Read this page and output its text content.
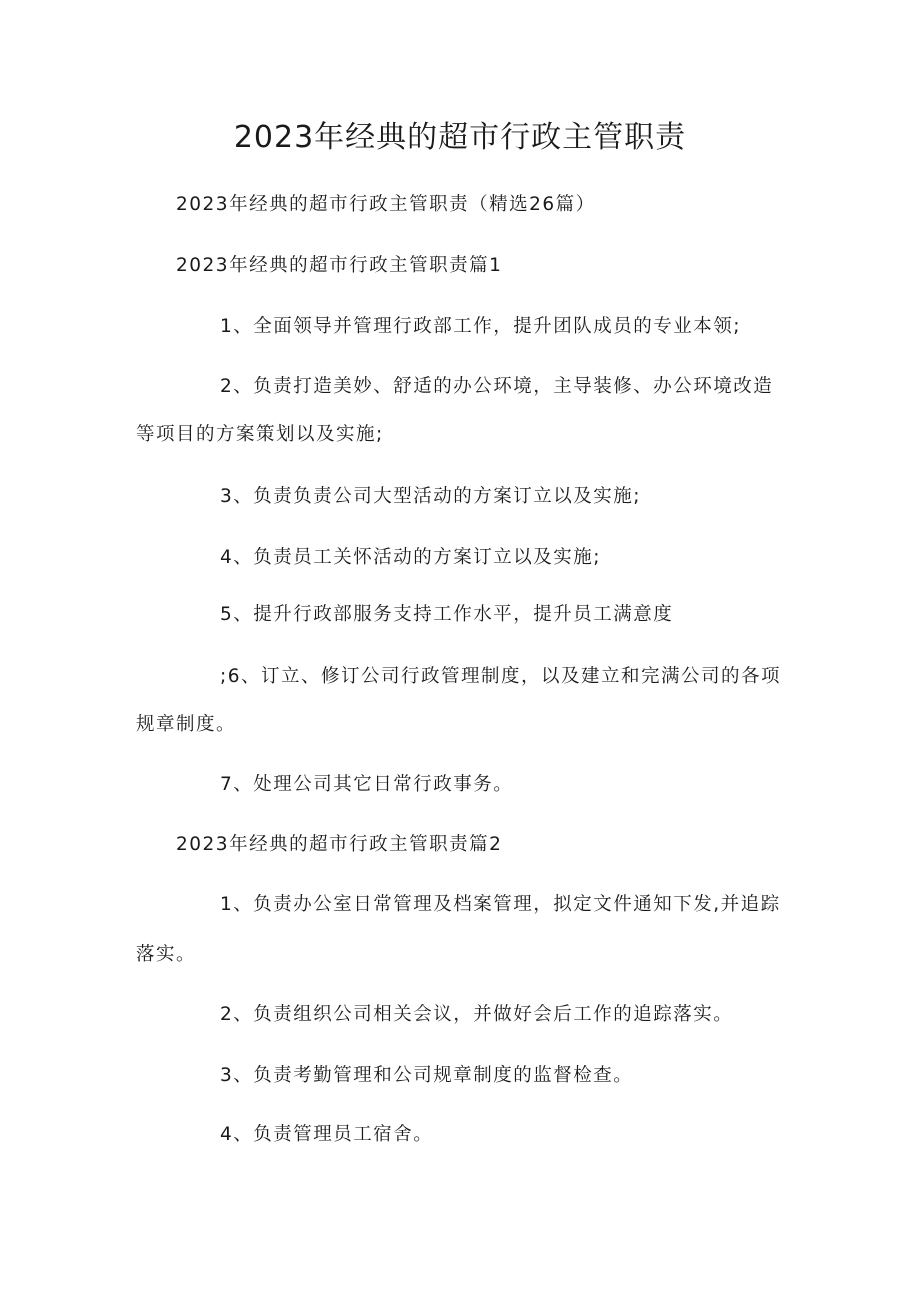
2023年经典的超市行政主管职责
2023年经典的超市行政主管职责（精选26篇）
2023年经典的超市行政主管职责篇1
1、全面领导并管理行政部工作，提升团队成员的专业本领;
2、负责打造美妙、舒适的办公环境，主导装修、办公环境改造
等项目的方案策划以及实施;
3、负责负责公司大型活动的方案订立以及实施;
4、负责员工关怀活动的方案订立以及实施;
5、提升行政部服务支持工作水平，提升员工满意度
;6、订立、修订公司行政管理制度，以及建立和完满公司的各项
规章制度。
7、处理公司其它日常行政事务。
2023年经典的超市行政主管职责篇2
1、负责办公室日常管理及档案管理，拟定文件通知下发,并追踪
落实。
2、负责组织公司相关会议，并做好会后工作的追踪落实。
3、负责考勤管理和公司规章制度的监督检查。
4、负责管理员工宿舍。
